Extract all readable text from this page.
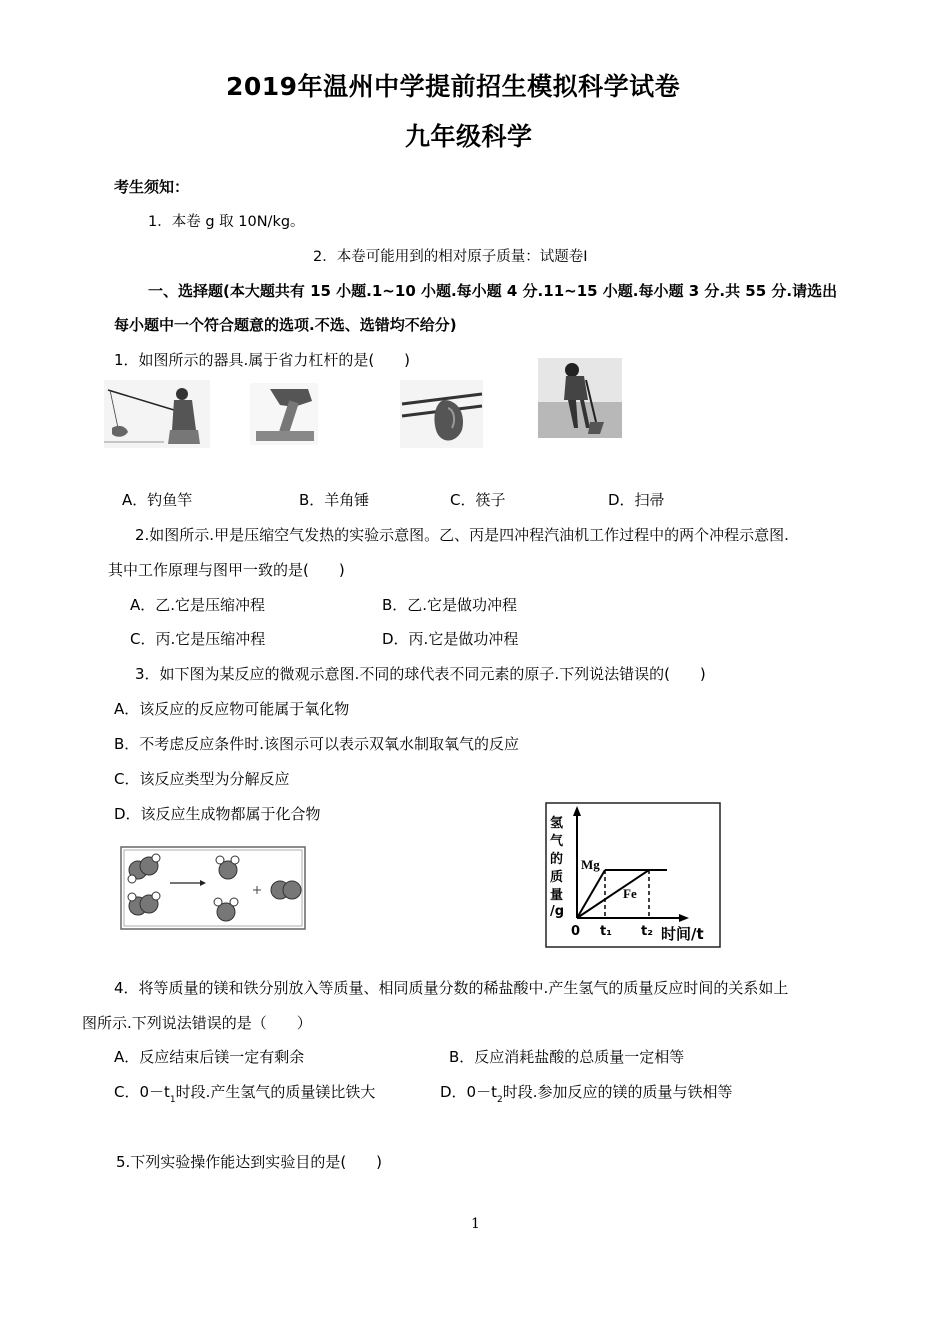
2019年温州中学提前招生模拟科学试卷
九年级科学
考生须知：
1．本卷 g 取 10N/kg。
2．本卷可能用到的相对原子质量：试题卷Ⅰ
一、选择题(本大题共有 15 小题.1~10 小题.每小题 4 分.11~15 小题.每小题 3 分.共 55 分.请选出
每小题中一个符合题意的选项.不选、选错均不给分)
1．如图所示的器具.属于省力杠杆的是(　　)
A．钓鱼竿	B．羊角锤	C．筷子	D．扫帚
2.如图所示.甲是压缩空气发热的实验示意图。乙、丙是四冲程汽油机工作过程中的两个冲程示意图.
其中工作原理与图甲一致的是(　　)
A．乙.它是压缩冲程	B．乙.它是做功冲程
C．丙.它是压缩冲程	D．丙.它是做功冲程
3．如下图为某反应的微观示意图.不同的球代表不同元素的原子.下列说法错误的(　　)
A．该反应的反应物可能属于氧化物
B．不考虑反应条件时.该图示可以表示双氧水制取氧气的反应
C．该反应类型为分解反应
D．该反应生成物都属于化合物
氢
气
的
质
量
/g
0 t₁ t₂ 时间/t
Mg
Fe
4．将等质量的镁和铁分别放入等质量、相同质量分数的稀盐酸中.产生氢气的质量反应时间的关系如上
图所示.下列说法错误的是（　　）
A．反应结束后镁一定有剩余	B．反应消耗盐酸的总质量一定相等
C．$0-t_1$时段.产生氢气的质量镁比铁大	D．$0-t_2$时段.参加反应的镁的质量与铁相等
5.下列实验操作能达到实验目的是(　　)
1
